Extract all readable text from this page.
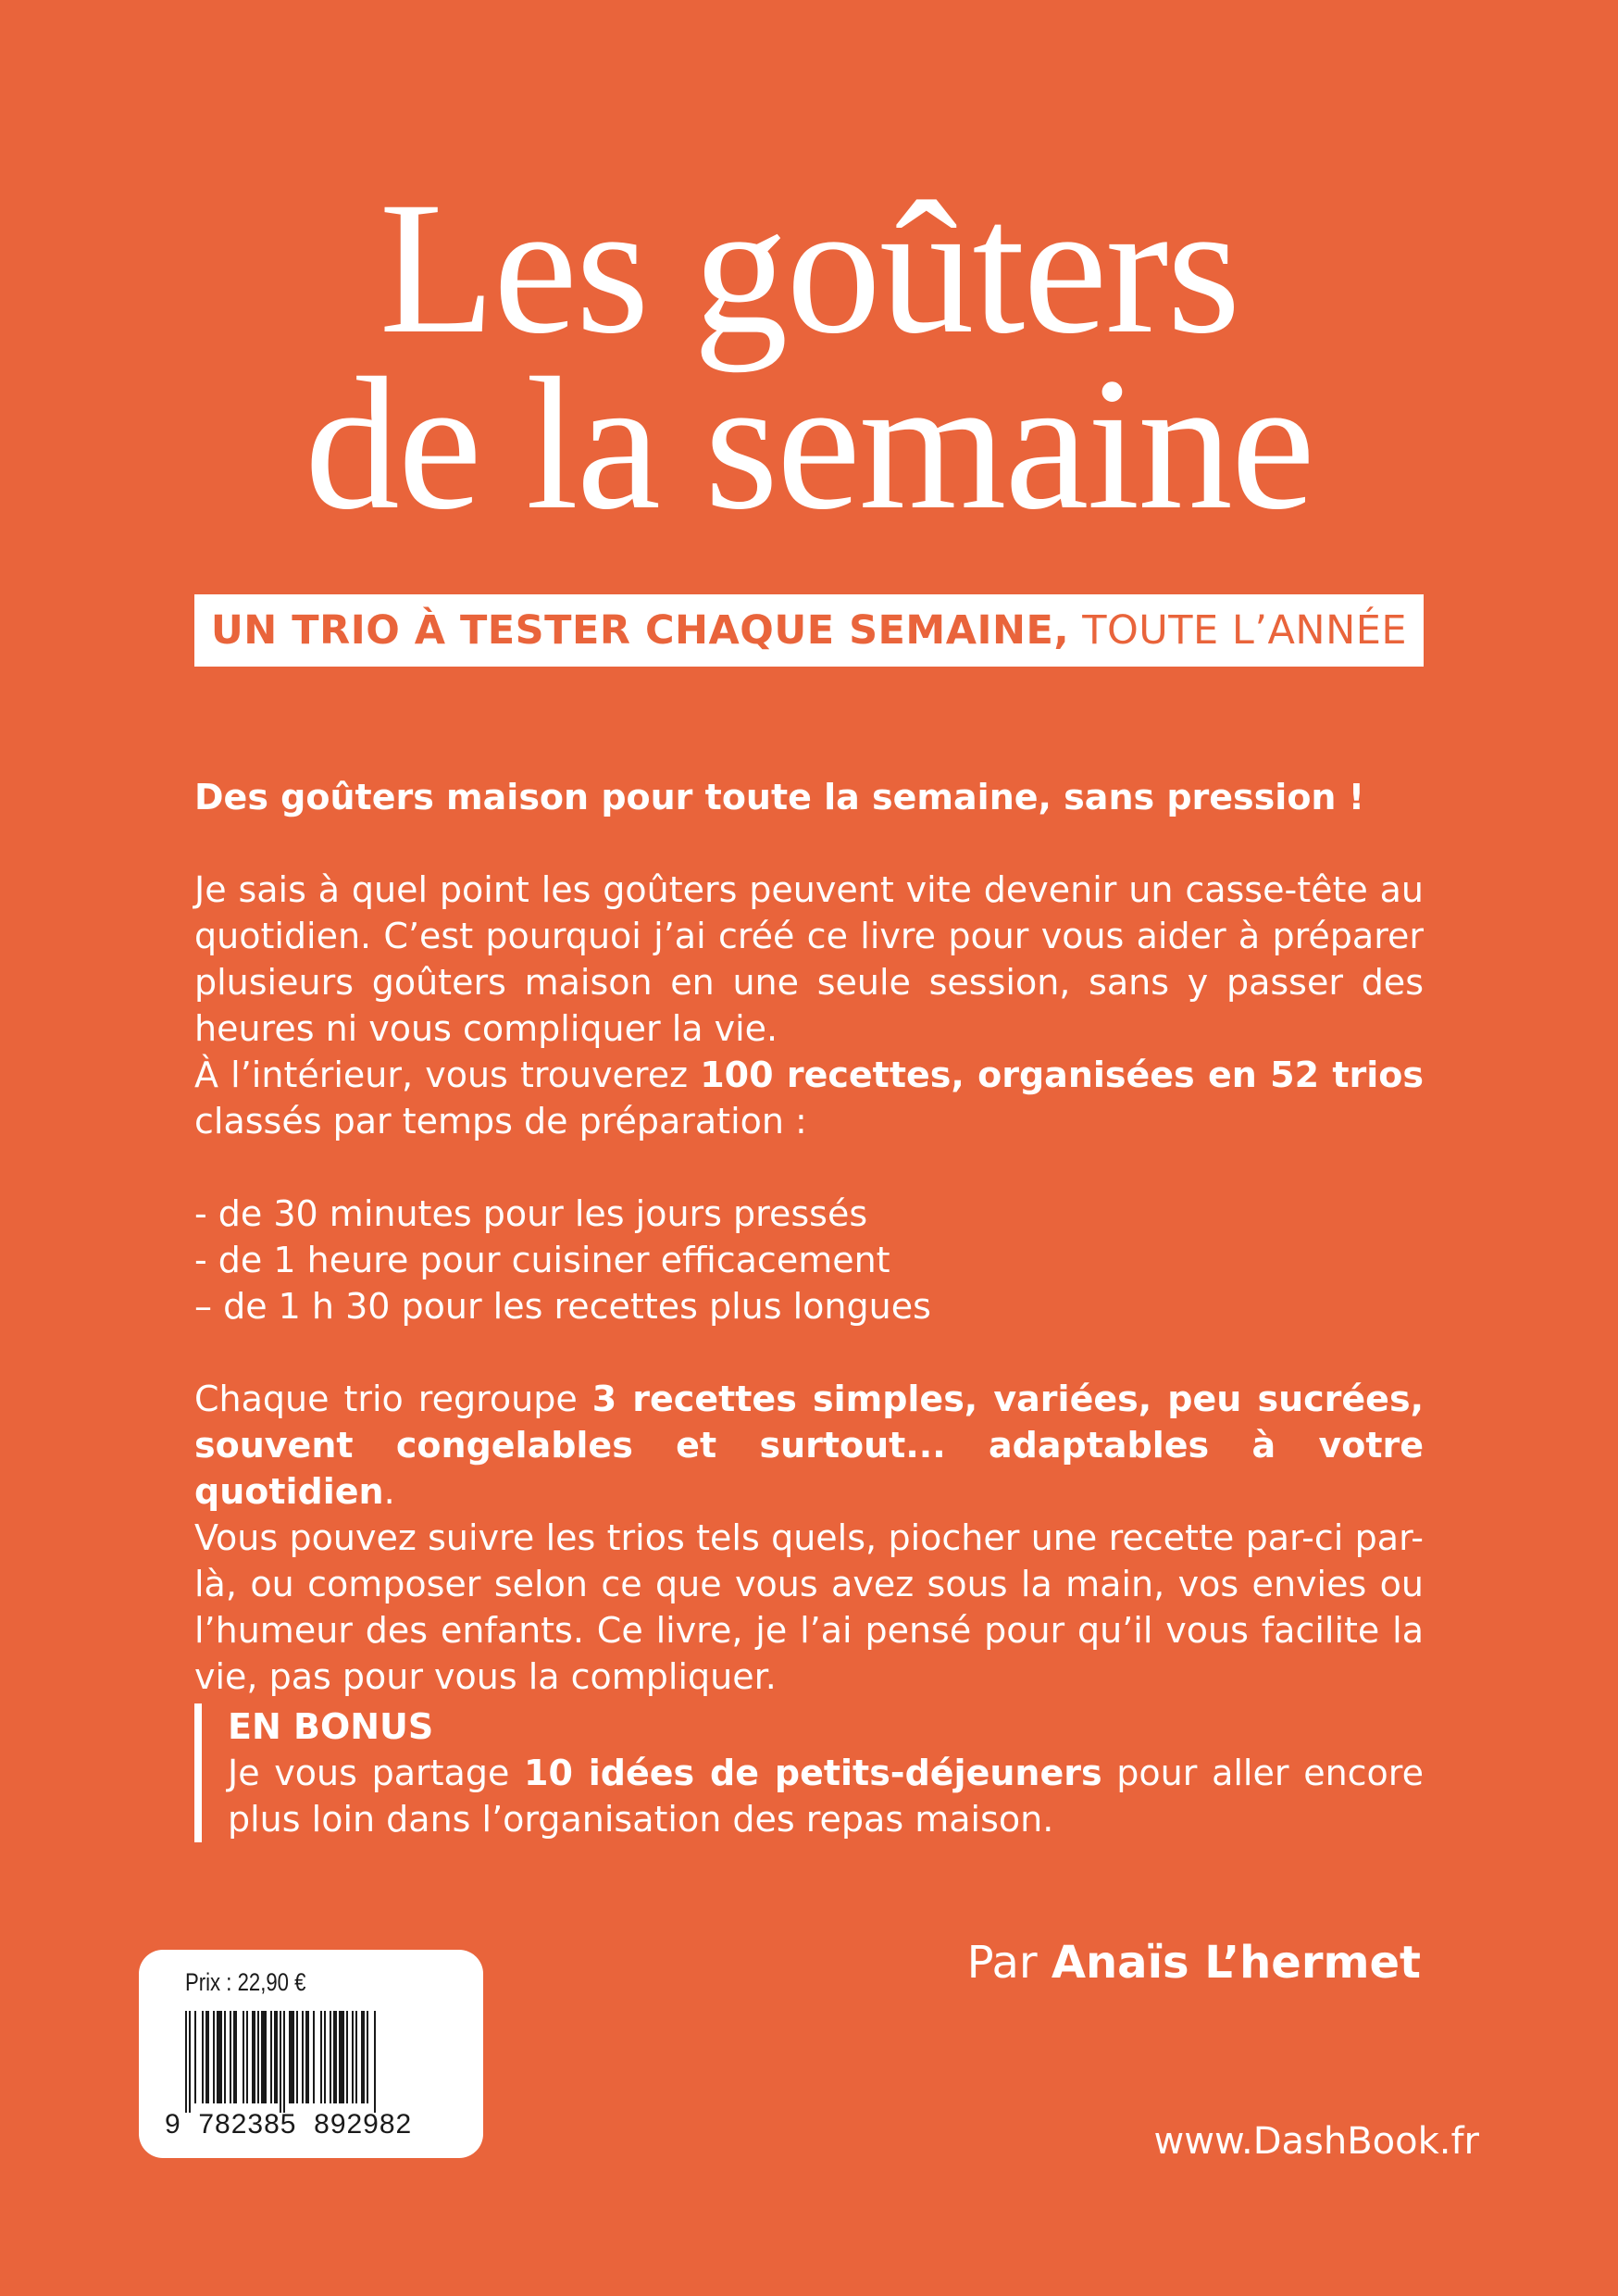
Les goûters
de la semaine
UN TRIO À TESTER CHAQUE SEMAINE, TOUTE L’ANNÉE

Des goûters maison pour toute la semaine, sans pression !

Je sais à quel point les goûters peuvent vite devenir un casse-tête au quotidien. C’est pourquoi j’ai créé ce livre pour vous aider à préparer plusieurs goûters maison en une seule session, sans y passer des heures ni vous compliquer la vie.

À l’intérieur, vous trouverez 100 recettes, organisées en 52 trios classés par temps de préparation :

- de 30 minutes pour les jours pressés
- de 1 heure pour cuisiner efficacement
– de 1 h 30 pour les recettes plus longues

Chaque trio regroupe 3 recettes simples, variées, peu sucrées, souvent congelables et surtout... adaptables à votre quotidien.

Vous pouvez suivre les trios tels quels, piocher une recette par-ci par-là, ou composer selon ce que vous avez sous la main, vos envies ou l’humeur des enfants. Ce livre, je l’ai pensé pour qu’il vous facilite la vie, pas pour vous la compliquer.

EN BONUS

Je vous partage 10 idées de petits-déjeuners pour aller encore plus loin dans l’organisation des repas maison.

Par Anaïs L’hermet
Prix : 22,90 €
9  782385  892982	www.DashBook.fr
